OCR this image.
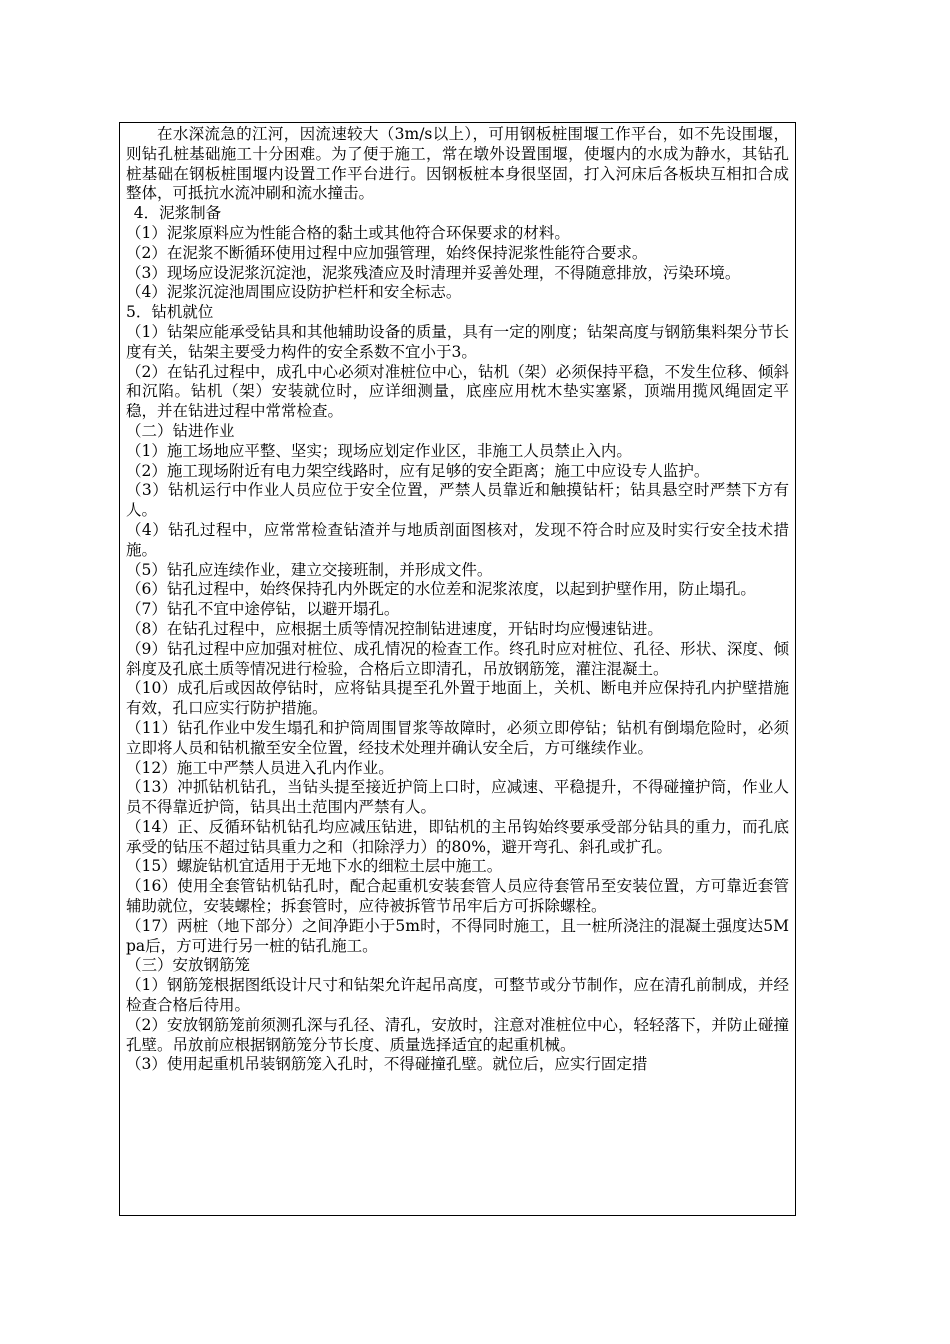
在水深流急的江河，因流速较大（3m/s以上），可用钢板桩围堰工作平台，如不先设围堰，则钻孔桩基础施工十分困难。为了便于施工，常在墩外设置围堰，使堰内的水成为静水，其钻孔桩基础在钢板桩围堰内设置工作平台进行。因钢板桩本身很坚固，打入河床后各板块互相扣合成整体，可抵抗水流冲刷和流水撞击。

4．泥浆制备

（1）泥浆原料应为性能合格的黏土或其他符合环保要求的材料。

（2）在泥浆不断循环使用过程中应加强管理，始终保持泥浆性能符合要求。

（3）现场应设泥浆沉淀池，泥浆残渣应及时清理并妥善处理，不得随意排放，污染环境。

（4）泥浆沉淀池周围应设防护栏杆和安全标志。

5．钻机就位

（1）钻架应能承受钻具和其他辅助设备的质量，具有一定的刚度；钻架高度与钢筋集料架分节长度有关，钻架主要受力构件的安全系数不宜小于3。

（2）在钻孔过程中，成孔中心必须对准桩位中心，钻机（架）必须保持平稳，不发生位移、倾斜和沉陷。钻机（架）安装就位时，应详细测量，底座应用枕木垫实塞紧，顶端用揽风绳固定平稳，并在钻进过程中常常检查。

（二）钻进作业

（1）施工场地应平整、坚实；现场应划定作业区，非施工人员禁止入内。

（2）施工现场附近有电力架空线路时，应有足够的安全距离；施工中应设专人监护。

（3）钻机运行中作业人员应位于安全位置，严禁人员靠近和触摸钻杆；钻具悬空时严禁下方有人。

（4）钻孔过程中，应常常检查钻渣并与地质剖面图核对，发现不符合时应及时实行安全技术措施。

（5）钻孔应连续作业，建立交接班制，并形成文件。

（6）钻孔过程中，始终保持孔内外既定的水位差和泥浆浓度，以起到护壁作用，防止塌孔。

（7）钻孔不宜中途停钻，以避开塌孔。

（8）在钻孔过程中，应根据土质等情况控制钻进速度，开钻时均应慢速钻进。

（9）钻孔过程中应加强对桩位、成孔情况的检查工作。终孔时应对桩位、孔径、形状、深度、倾斜度及孔底土质等情况进行检验，合格后立即清孔，吊放钢筋笼，灌注混凝土。

（10）成孔后或因故停钻时，应将钻具提至孔外置于地面上，关机、断电并应保持孔内护壁措施有效，孔口应实行防护措施。

（11）钻孔作业中发生塌孔和护筒周围冒浆等故障时，必须立即停钻；钻机有倒塌危险时，必须立即将人员和钻机撤至安全位置，经技术处理并确认安全后，方可继续作业。

（12）施工中严禁人员进入孔内作业。

（13）冲抓钻机钻孔，当钻头提至接近护筒上口时，应减速、平稳提升，不得碰撞护筒，作业人员不得靠近护筒，钻具出土范围内严禁有人。

（14）正、反循环钻机钻孔均应减压钻进，即钻机的主吊钩始终要承受部分钻具的重力，而孔底承受的钻压不超过钻具重力之和（扣除浮力）的80%，避开弯孔、斜孔或扩孔。

（15）螺旋钻机宜适用于无地下水的细粒土层中施工。

（16）使用全套管钻机钻孔时，配合起重机安装套管人员应待套管吊至安装位置，方可靠近套管辅助就位，安装螺栓；拆套管时，应待被拆管节吊牢后方可拆除螺栓。

（17）两桩（地下部分）之间净距小于5m时，不得同时施工，且一桩所浇注的混凝土强度达5Mpa后，方可进行另一桩的钻孔施工。

（三）安放钢筋笼

（1）钢筋笼根据图纸设计尺寸和钻架允许起吊高度，可整节或分节制作，应在清孔前制成，并经检查合格后待用。

（2）安放钢筋笼前须测孔深与孔径、清孔，安放时，注意对准桩位中心，轻轻落下，并防止碰撞孔壁。吊放前应根据钢筋笼分节长度、质量选择适宜的起重机械。

（3）使用起重机吊装钢筋笼入孔时，不得碰撞孔壁。就位后，应实行固定措
